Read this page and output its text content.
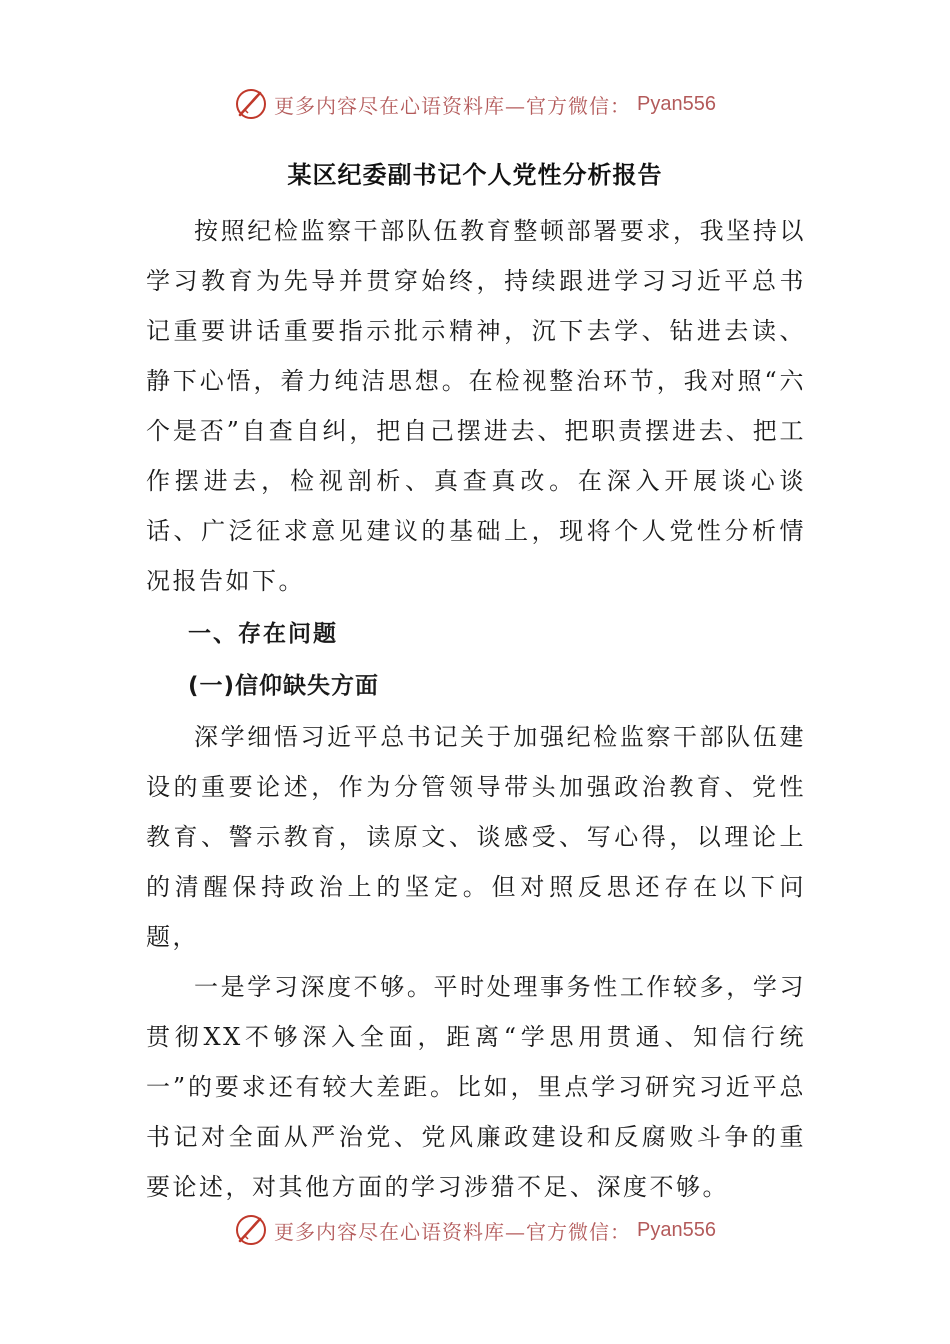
更多内容尽在心语资料库—官方微信： Pyan556
某区纪委副书记个人党性分析报告

按照纪检监察干部队伍教育整顿部署要求，我坚持以学习教育为先导并贯穿始终，持续跟进学习习近平总书记重要讲话重要指示批示精神，沉下去学、钻进去读、静下心悟，着力纯洁思想。在检视整治环节，我对照“六个是否”自查自纠，把自己摆进去、把职责摆进去、把工作摆进去，检视剖析、真查真改。在深入开展谈心谈话、广泛征求意见建议的基础上，现将个人党性分析情况报告如下。

一、存在问题
(一)信仰缺失方面

深学细悟习近平总书记关于加强纪检监察干部队伍建设的重要论述，作为分管领导带头加强政治教育、党性教育、警示教育，读原文、谈感受、写心得，以理论上的清醒保持政治上的坚定。但对照反思还存在以下问题，

一是学习深度不够。平时处理事务性工作较多，学习贯彻XX不够深入全面，距离“学思用贯通、知信行统一”的要求还有较大差距。比如，里点学习研究习近平总书记对全面从严治党、党风廉政建设和反腐败斗争的重要论述，对其他方面的学习涉猎不足、深度不够。

更多内容尽在心语资料库—官方微信： Pyan556
